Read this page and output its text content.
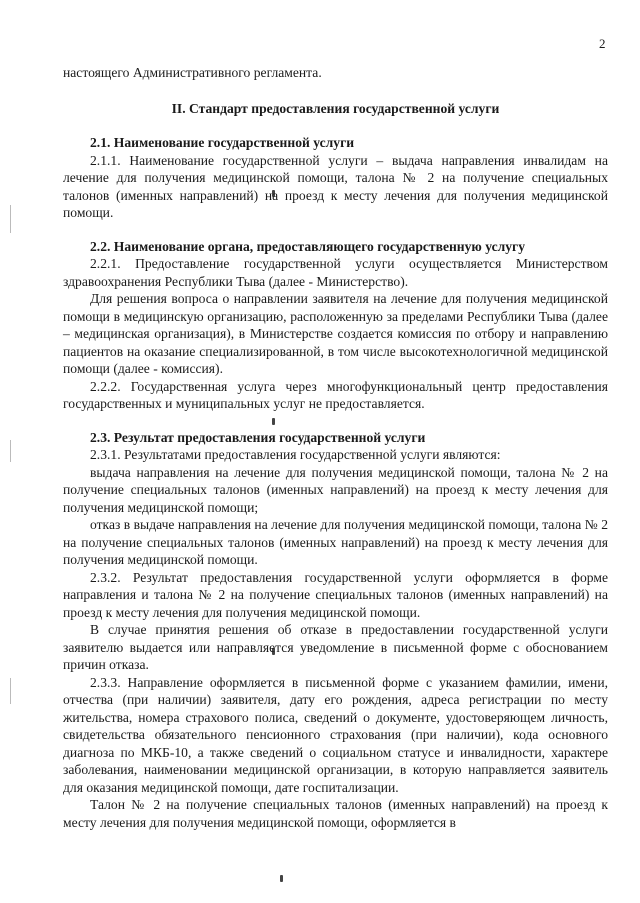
2

настоящего Административного регламента.

II. Стандарт предоставления государственной услуги

2.1. Наименование государственной услуги

2.1.1. Наименование государственной услуги – выдача направления инвалидам на лечение для получения медицинской помощи, талона № 2 на получение специальных талонов (именных направлений) на проезд к месту лечения для получения медицинской помощи.

2.2. Наименование органа, предоставляющего государственную услугу

2.2.1. Предоставление государственной услуги осуществляется Министерством здравоохранения Республики Тыва (далее - Министерство).

Для решения вопроса о направлении заявителя на лечение для получения медицинской помощи в медицинскую организацию, расположенную за пределами Республики Тыва (далее – медицинская организация), в Министерстве создается комиссия по отбору и направлению пациентов на оказание специализированной, в том числе высокотехнологичной медицинской помощи (далее - комиссия).

2.2.2. Государственная услуга через многофункциональный центр предоставления государственных и муниципальных услуг не предоставляется.

2.3. Результат предоставления государственной услуги

2.3.1. Результатами предоставления государственной услуги являются:

выдача направления на лечение для получения медицинской помощи, талона № 2 на получение специальных талонов (именных направлений) на проезд к месту лечения для получения медицинской помощи;

отказ в выдаче направления на лечение для получения медицинской помощи, талона № 2 на получение специальных талонов (именных направлений) на проезд к месту лечения для получения медицинской помощи.

2.3.2. Результат предоставления государственной услуги оформляется в форме направления и талона № 2 на получение специальных талонов (именных направлений) на проезд к месту лечения для получения медицинской помощи.

В случае принятия решения об отказе в предоставлении государственной услуги заявителю выдается или направляется уведомление в письменной форме с обоснованием причин отказа.

2.3.3. Направление оформляется в письменной форме с указанием фамилии, имени, отчества (при наличии) заявителя, дату его рождения, адреса регистрации по месту жительства, номера страхового полиса, сведений о документе, удостоверяющем личность, свидетельства обязательного пенсионного страхования (при наличии), кода основного диагноза по МКБ-10, а также сведений о социальном статусе и инвалидности, характере заболевания, наименовании медицинской организации, в которую направляется заявитель для оказания медицинской помощи, дате госпитализации.

Талон № 2 на получение специальных талонов (именных направлений) на проезд к месту лечения для получения медицинской помощи, оформляется в
